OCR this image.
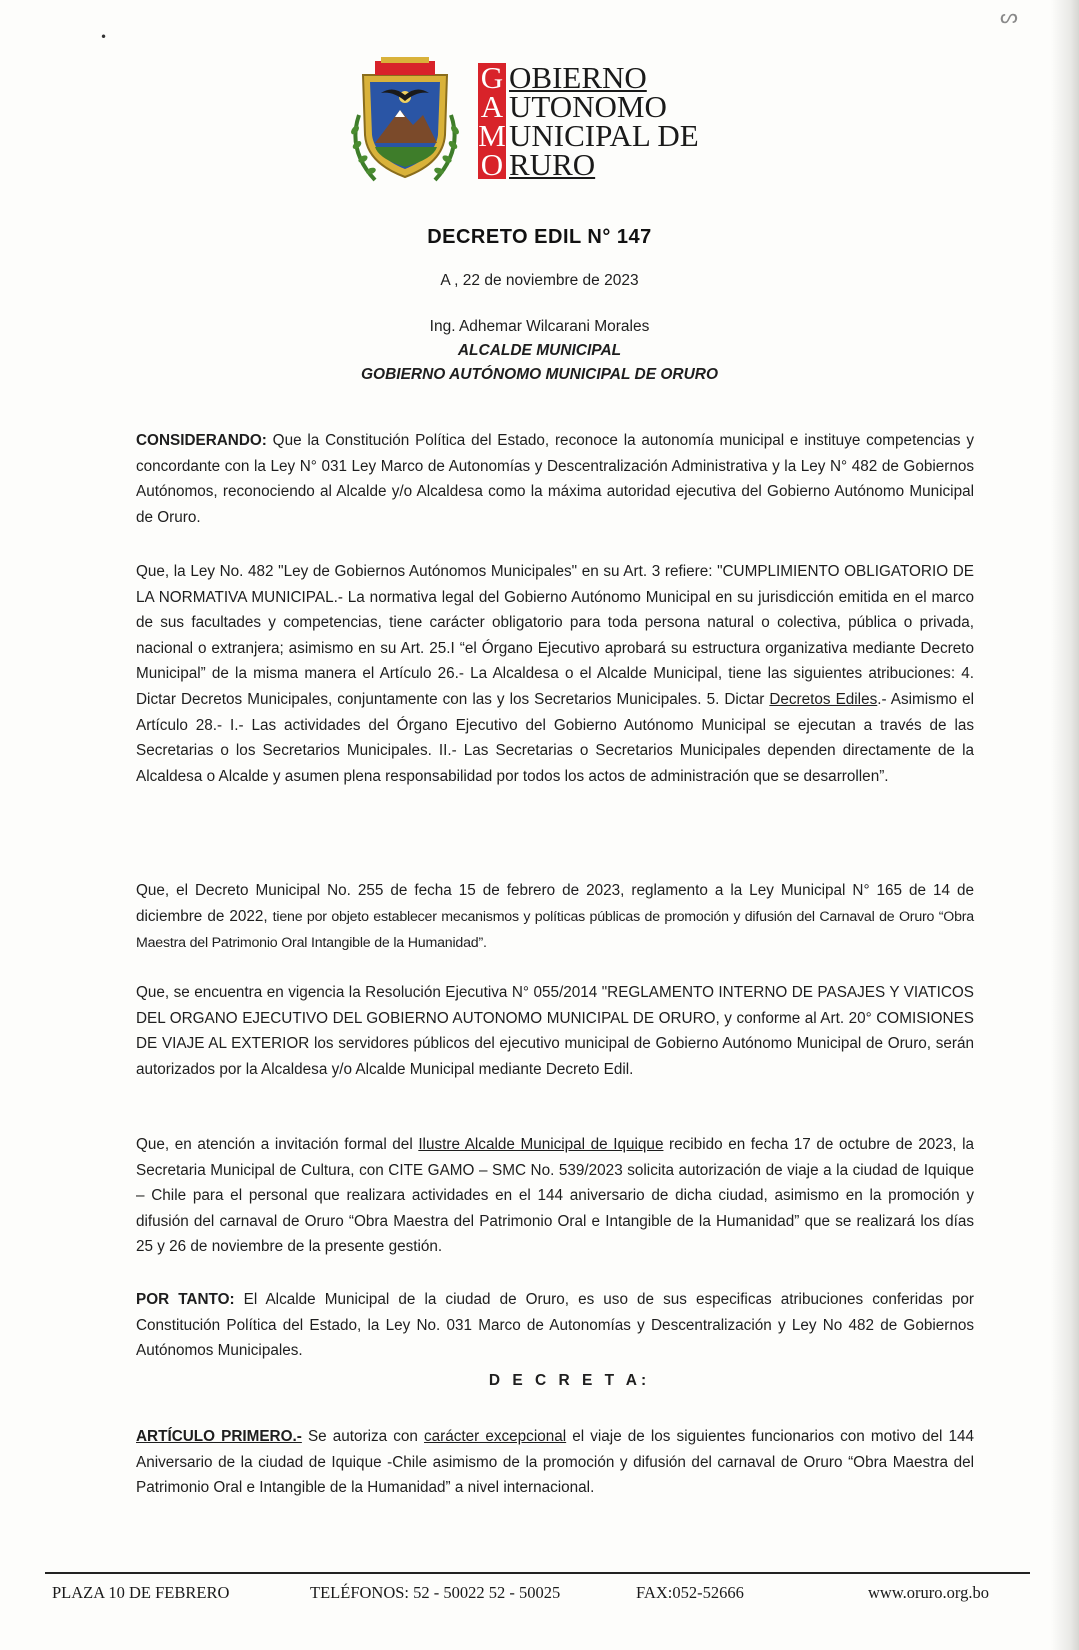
ᔕ
•
G
A
M
O
OBIERNO
UTONOMO
UNICIPAL DE
RURO
DECRETO EDIL N° 147
A , 22 de noviembre de 2023
Ing. Adhemar Wilcarani Morales
ALCALDE MUNICIPAL
GOBIERNO AUTÓNOMO MUNICIPAL DE ORURO

CONSIDERANDO: Que la Constitución Política del Estado, reconoce la autonomía municipal e instituye competencias y concordante con la Ley N° 031 Ley Marco de Autonomías y Descentralización Administrativa y la Ley N° 482 de Gobiernos Autónomos, reconociendo al Alcalde y/o Alcaldesa como la máxima autoridad ejecutiva del Gobierno Autónomo Municipal de Oruro.

Que, la Ley No. 482 "Ley de Gobiernos Autónomos Municipales" en su Art. 3 refiere: "CUMPLIMIENTO OBLIGATORIO DE LA NORMATIVA MUNICIPAL.- La normativa legal del Gobierno Autónomo Municipal en su jurisdicción emitida en el marco de sus facultades y competencias, tiene carácter obligatorio para toda persona natural o colectiva, pública o privada, nacional o extranjera; asimismo en su Art. 25.I “el Órgano Ejecutivo aprobará su estructura organizativa mediante Decreto Municipal” de la misma manera el Artículo 26.- La Alcaldesa o el Alcalde Municipal, tiene las siguientes atribuciones: 4. Dictar Decretos Municipales, conjuntamente con las y los Secretarios Municipales. 5. Dictar Decretos Ediles.- Asimismo el Artículo 28.- I.- Las actividades del Órgano Ejecutivo del Gobierno Autónomo Municipal se ejecutan a través de las Secretarias o los Secretarios Municipales. II.- Las Secretarias o Secretarios Municipales dependen directamente de la Alcaldesa o Alcalde y asumen plena responsabilidad por todos los actos de administración que se desarrollen”.

Que, el Decreto Municipal No. 255 de fecha 15 de febrero de 2023, reglamento a la Ley Municipal N° 165 de 14 de diciembre de 2022, tiene por objeto establecer mecanismos y políticas públicas de promoción y difusión del Carnaval de Oruro “Obra Maestra del Patrimonio Oral Intangible de la Humanidad”.

Que, se encuentra en vigencia la Resolución Ejecutiva N° 055/2014 "REGLAMENTO INTERNO DE PASAJES Y VIATICOS DEL ORGANO EJECUTIVO DEL GOBIERNO AUTONOMO MUNICIPAL DE ORURO, y conforme al Art. 20° COMISIONES DE VIAJE AL EXTERIOR los servidores públicos del ejecutivo municipal de Gobierno Autónomo Municipal de Oruro, serán autorizados por la Alcaldesa y/o Alcalde Municipal mediante Decreto Edil.

Que, en atención a invitación formal del Ilustre Alcalde Municipal de Iquique recibido en fecha 17 de octubre de 2023, la Secretaria Municipal de Cultura, con CITE GAMO – SMC No. 539/2023 solicita autorización de viaje a la ciudad de Iquique – Chile para el personal que realizara actividades en el 144 aniversario de dicha ciudad, asimismo en la promoción y difusión del carnaval de Oruro “Obra Maestra del Patrimonio Oral e Intangible de la Humanidad” que se realizará los días 25 y 26 de noviembre de la presente gestión.

POR TANTO: El Alcalde Municipal de la ciudad de Oruro, es uso de sus especificas atribuciones conferidas por Constitución Política del Estado, la Ley No. 031 Marco de Autonomías y Descentralización y Ley No 482 de Gobiernos Autónomos Municipales.

D E C R E T A:

ARTÍCULO PRIMERO.- Se autoriza con carácter excepcional el viaje de los siguientes funcionarios con motivo del 144 Aniversario de la ciudad de Iquique -Chile asimismo de la promoción y difusión del carnaval de Oruro “Obra Maestra del Patrimonio Oral e Intangible de la Humanidad” a nivel internacional.

PLAZA 10 DE FEBRERO	TELÉFONOS: 52 - 50022 52 - 50025	FAX:052-52666	www.oruro.org.bo
